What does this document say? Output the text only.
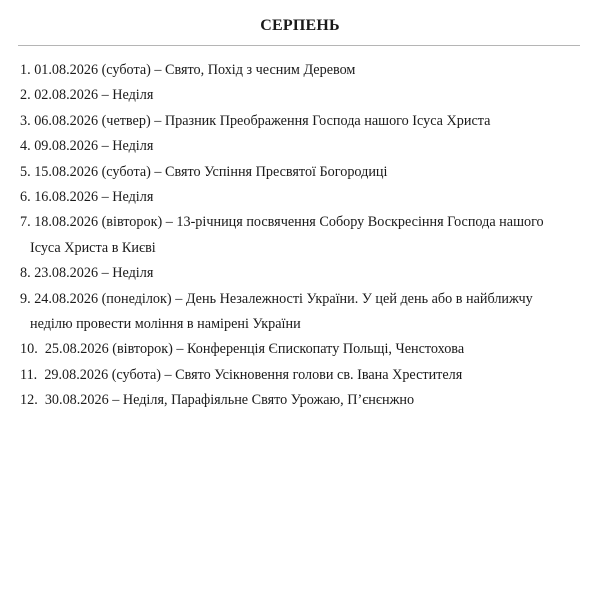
СЕРПЕНЬ
1. 01.08.2026 (субота) – Свято, Похід з чесним Деревом
2. 02.08.2026 – Неділя
3. 06.08.2026 (четвер) – Празник Преображення Господа нашого Ісуса Христа
4. 09.08.2026 – Неділя
5. 15.08.2026 (субота) – Свято Успіння Пресвятої Богородиці
6. 16.08.2026 – Неділя
7. 18.08.2026 (вівторок) – 13-річниця посвячення Собору Воскресіння Господа нашого
Ісуса Христа в Києві
8. 23.08.2026 – Неділя
9. 24.08.2026 (понеділок) – День Незалежності України. У цей день або в найближчу
неділю провести моління в намірені України
10. 25.08.2026 (вівторок) – Конференція Єпископату Польщі, Ченстохова
11. 29.08.2026 (субота) – Свято Усікновення голови св. Івана Хрестителя
12. 30.08.2026 – Неділя, Парафіяльне Свято Урожаю, П’єнєнжно
